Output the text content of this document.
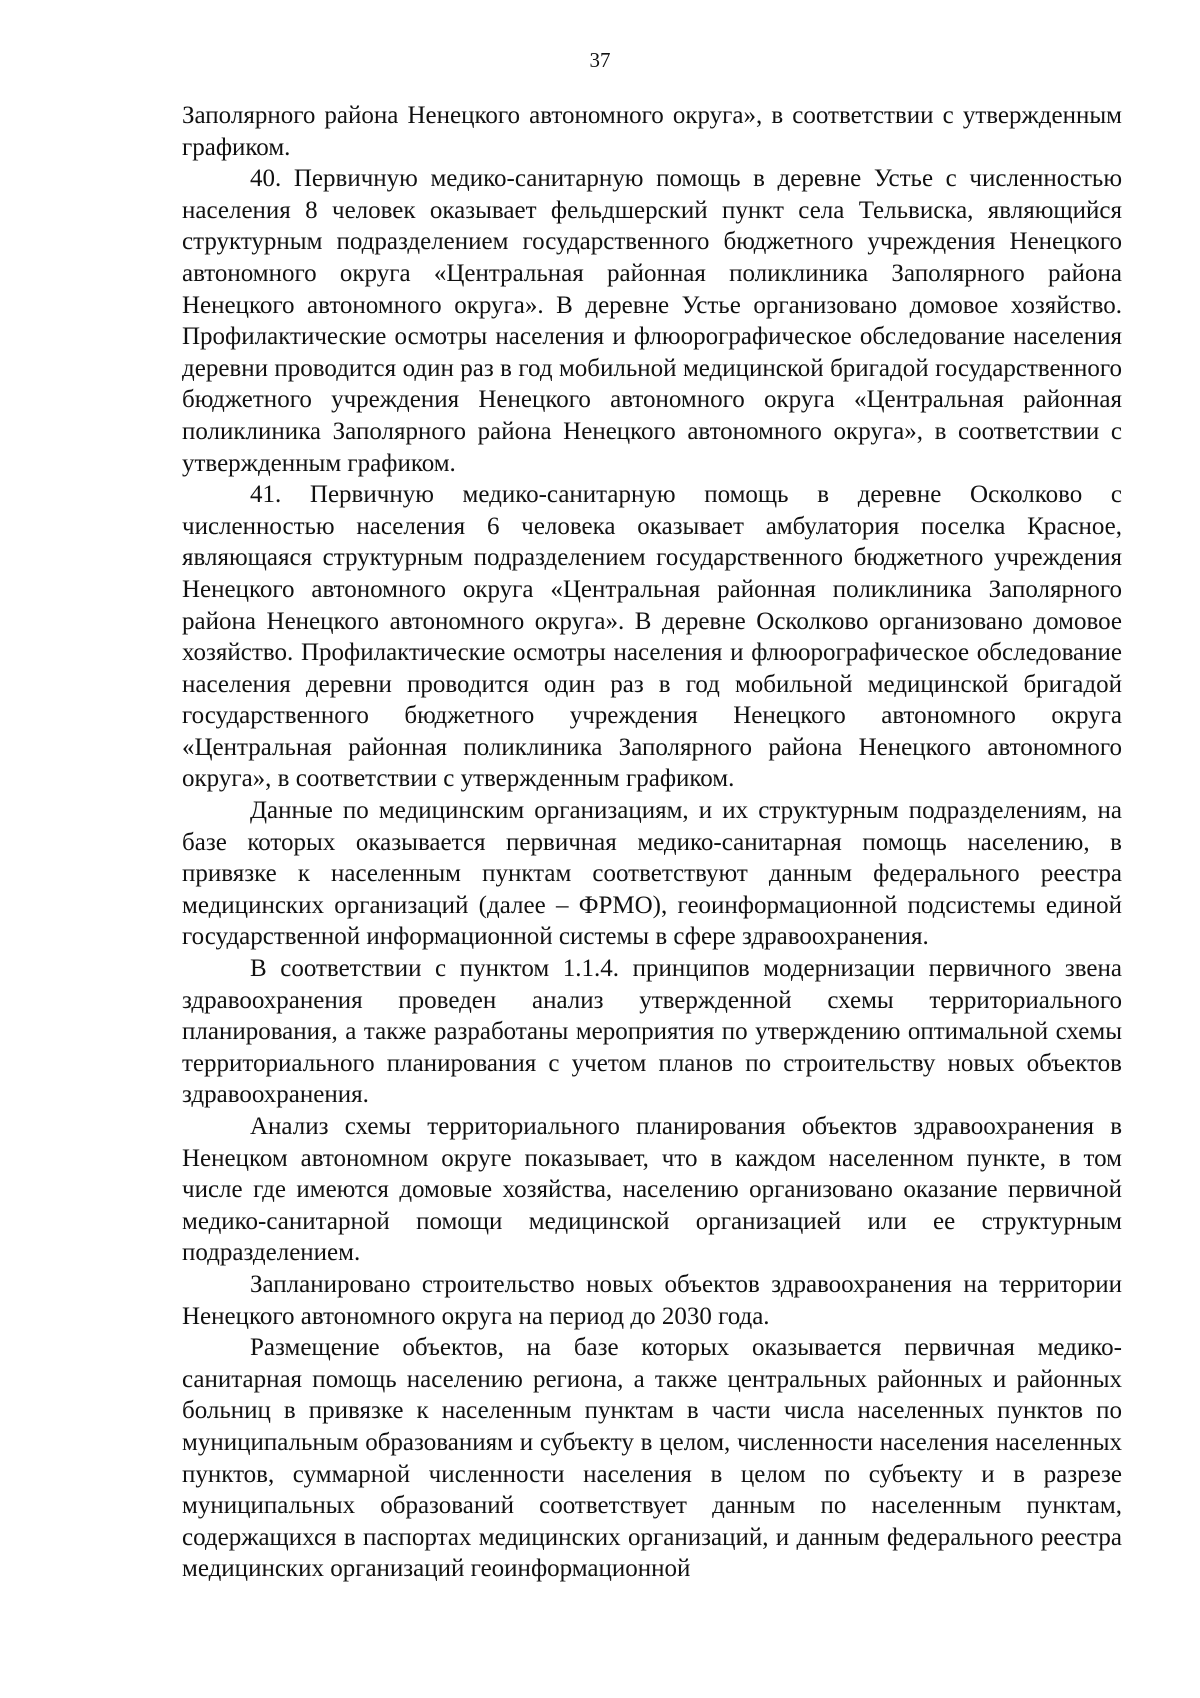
37

Заполярного района Ненецкого автономного округа», в соответствии с утвержденным графиком.

40. Первичную медико-санитарную помощь в деревне Устье с численностью населения 8 человек оказывает фельдшерский пункт села Тельвиска, являющийся структурным подразделением государственного бюджетного учреждения Ненецкого автономного округа «Центральная районная поликлиника Заполярного района Ненецкого автономного округа». В деревне Устье организовано домовое хозяйство. Профилактические осмотры населения и флюорографическое обследование населения деревни проводится один раз в год мобильной медицинской бригадой государственного бюджетного учреждения Ненецкого автономного округа «Центральная районная поликлиника Заполярного района Ненецкого автономного округа», в соответствии с утвержденным графиком.

41. Первичную медико-санитарную помощь в деревне Осколково с численностью населения 6 человека оказывает амбулатория поселка Красное, являющаяся структурным подразделением государственного бюджетного учреждения Ненецкого автономного округа «Центральная районная поликлиника Заполярного района Ненецкого автономного округа». В деревне Осколково организовано домовое хозяйство. Профилактические осмотры населения и флюорографическое обследование населения деревни проводится один раз в год мобильной медицинской бригадой государственного бюджетного учреждения Ненецкого автономного округа «Центральная районная поликлиника Заполярного района Ненецкого автономного округа», в соответствии с утвержденным графиком.

Данные по медицинским организациям, и их структурным подразделениям, на базе которых оказывается первичная медико-санитарная помощь населению, в привязке к населенным пунктам соответствуют данным федерального реестра медицинских организаций (далее – ФРМО), геоинформационной подсистемы единой государственной информационной системы в сфере здравоохранения.

В соответствии с пунктом 1.1.4. принципов модернизации первичного звена здравоохранения проведен анализ утвержденной схемы территориального планирования, а также разработаны мероприятия по утверждению оптимальной схемы территориального планирования с учетом планов по строительству новых объектов здравоохранения.

Анализ схемы территориального планирования объектов здравоохранения в Ненецком автономном округе показывает, что в каждом населенном пункте, в том числе где имеются домовые хозяйства, населению организовано оказание первичной медико-санитарной помощи медицинской организацией или ее структурным подразделением.

Запланировано строительство новых объектов здравоохранения на территории Ненецкого автономного округа на период до 2030 года.

Размещение объектов, на базе которых оказывается первичная медико-санитарная помощь населению региона, а также центральных районных и районных больниц в привязке к населенным пунктам в части числа населенных пунктов по муниципальным образованиям и субъекту в целом, численности населения населенных пунктов, суммарной численности населения в целом по субъекту и в разрезе муниципальных образований соответствует данным по населенным пунктам, содержащихся в паспортах медицинских организаций, и данным федерального реестра медицинских организаций геоинформационной
